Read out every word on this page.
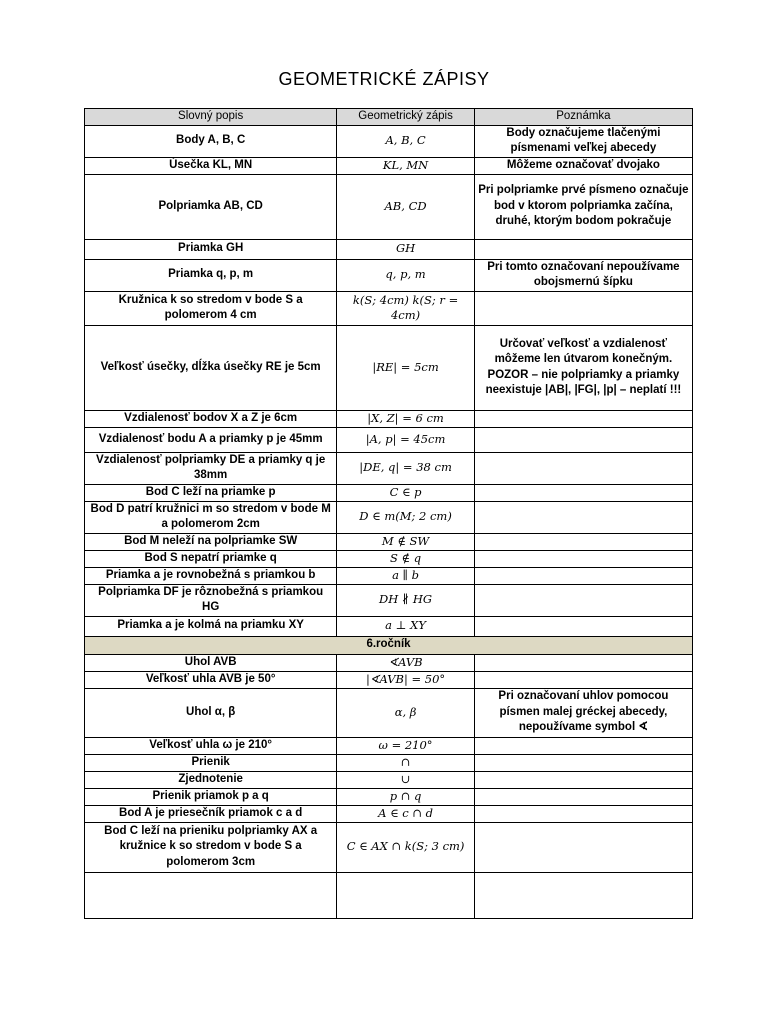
GEOMETRICKÉ ZÁPISY
Slovný popis	Geometrický zápis	Poznámka
Body A, B, C	A, B, C	Body označujeme tlačenými písmenami veľkej abecedy
Úsečka KL, MN	KL, MN	Môžeme označovať dvojako
Polpriamka AB, CD	AB, CD	Pri polpriamke prvé písmeno označuje bod v ktorom polpriamka začína, druhé, ktorým bodom pokračuje
Priamka GH	GH	
Priamka q, p, m	q, p, m	Pri tomto označovaní nepoužívame obojsmernú šípku
Kružnica k so stredom v bode S a polomerom 4 cm	k(S; 4cm) k(S; r = 4cm)	
Veľkosť úsečky, dĺžka úsečky RE je 5cm	|RE| = 5cm	Určovať veľkosť a vzdialenosť môžeme len útvarom konečným. POZOR – nie polpriamky a priamky neexistuje |AB|, |FG|, |p| – neplatí !!!
Vzdialenosť bodov X a Z je 6cm	|X, Z| = 6 cm	
Vzdialenosť bodu A a priamky p je 45mm	|A, p| = 45cm	
Vzdialenosť polpriamky DE a priamky q je 38mm	|DE, q| = 38 cm	
Bod C leží na priamke p	C ∈ p	
Bod D patrí kružnici m so stredom v bode M a polomerom 2cm	D ∈ m(M; 2 cm)	
Bod M neleží na polpriamke SW	M ∉ SW	
Bod S nepatrí priamke q	S ∉ q	
Priamka a je rovnobežná s priamkou b	a ∥ b	
Polpriamka DF je rôznobežná s priamkou HG	DH ∦ HG	
Priamka a je kolmá na priamku XY	a ⊥ XY	
6.ročník		
Uhol AVB	∢AVB	
Veľkosť uhla AVB je 50°	|∢AVB| = 50°	
Uhol α, β	α, β	Pri označovaní uhlov pomocou písmen malej gréckej abecedy, nepoužívame symbol ∢
Veľkosť uhla ω je 210°	ω = 210°	
Prienik	∩	
Zjednotenie	∪	
Prienik priamok p a q	p ∩ q	
Bod A je priesečník priamok c a d	A ∈ c ∩ d	
Bod C leží na prieniku polpriamky AX a kružnice k so stredom v bode S a polomerom 3cm	C ∈ AX ∩ k(S; 3 cm)	
